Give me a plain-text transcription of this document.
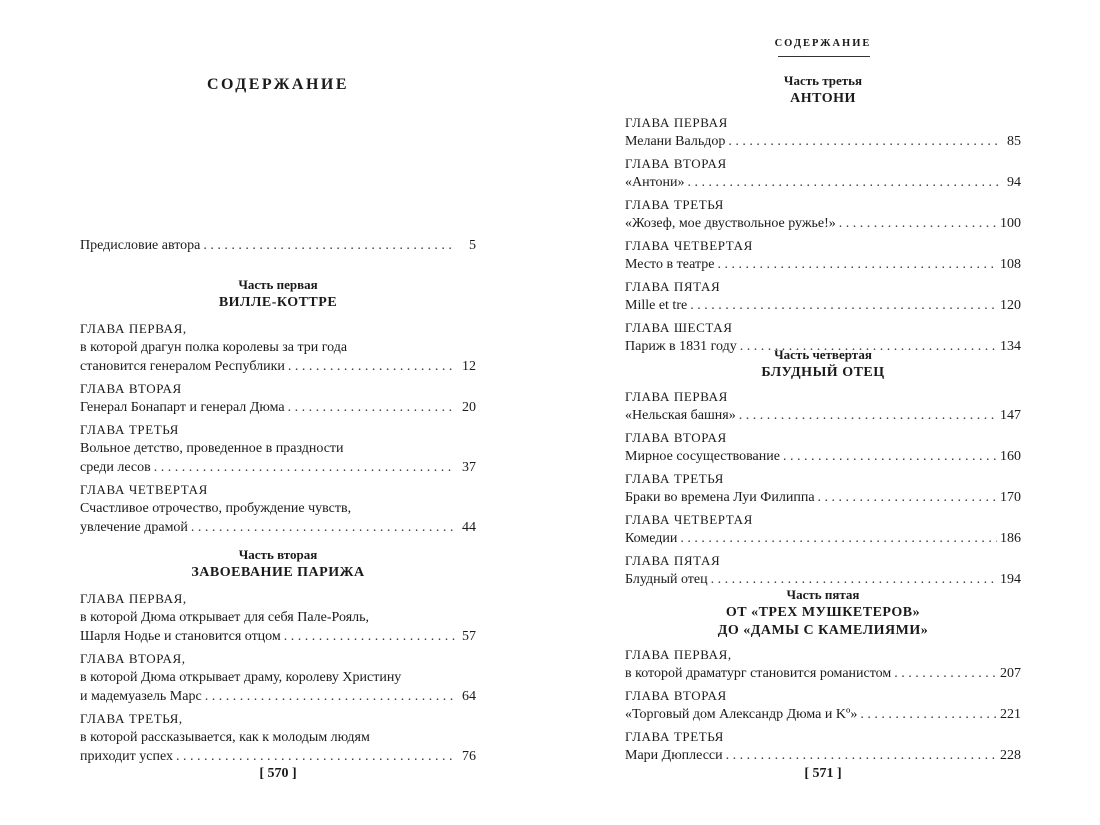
СОДЕРЖАНИЕ
Предисловие автора . . .	5
Часть первая
ВИЛЛЕ-КОТТРЕ
ГЛАВА ПЕРВАЯ,
в которой драгун полка королевы за три года
становится генералом Республики . . .	12
ГЛАВА ВТОРАЯ
Генерал Бонапарт и генерал Дюма . . .	20
ГЛАВА ТРЕТЬЯ
Вольное детство, проведенное в праздности
среди лесов . . .	37
ГЛАВА ЧЕТВЕРТАЯ
Счастливое отрочество, пробуждение чувств,
увлечение драмой . . .	44
Часть вторая
ЗАВОЕВАНИЕ ПАРИЖА
ГЛАВА ПЕРВАЯ,
в которой Дюма открывает для себя Пале-Рояль,
Шарля Нодье и становится отцом . . .	57
ГЛАВА ВТОРАЯ,
в которой Дюма открывает драму, королеву Христину
и мадемуазель Марс . . .	64
ГЛАВА ТРЕТЬЯ,
в которой рассказывается, как к молодым людям
приходит успех . . .	76
[ 570 ]
СОДЕРЖАНИЕ
Часть третья
АНТОНИ
ГЛАВА ПЕРВАЯ
Мелани Вальдор . . .	85
ГЛАВА ВТОРАЯ
«Антони» . . .	94
ГЛАВА ТРЕТЬЯ
«Жозеф, мое двуствольное ружье!» . . .	100
ГЛАВА ЧЕТВЕРТАЯ
Место в театре . . .	108
ГЛАВА ПЯТАЯ
Mille et tre . . .	120
ГЛАВА ШЕСТАЯ
Париж в 1831 году . . .	134
Часть четвертая
БЛУДНЫЙ ОТЕЦ
ГЛАВА ПЕРВАЯ
«Нельская башня» . . .	147
ГЛАВА ВТОРАЯ
Мирное сосуществование . . .	160
ГЛАВА ТРЕТЬЯ
Браки во времена Луи Филиппа . . .	170
ГЛАВА ЧЕТВЕРТАЯ
Комедии . . .	186
ГЛАВА ПЯТАЯ
Блудный отец . . .	194
Часть пятая
ОТ «ТРЕХ МУШКЕТЕРОВ»
ДО «ДАМЫ С КАМЕЛИЯМИ»
ГЛАВА ПЕРВАЯ,
в которой драматург становится романистом . . .	207
ГЛАВА ВТОРАЯ
«Торговый дом Александр Дюма и Kº» . . .	221
ГЛАВА ТРЕТЬЯ
Мари Дюплесси . . .	228
[ 571 ]
